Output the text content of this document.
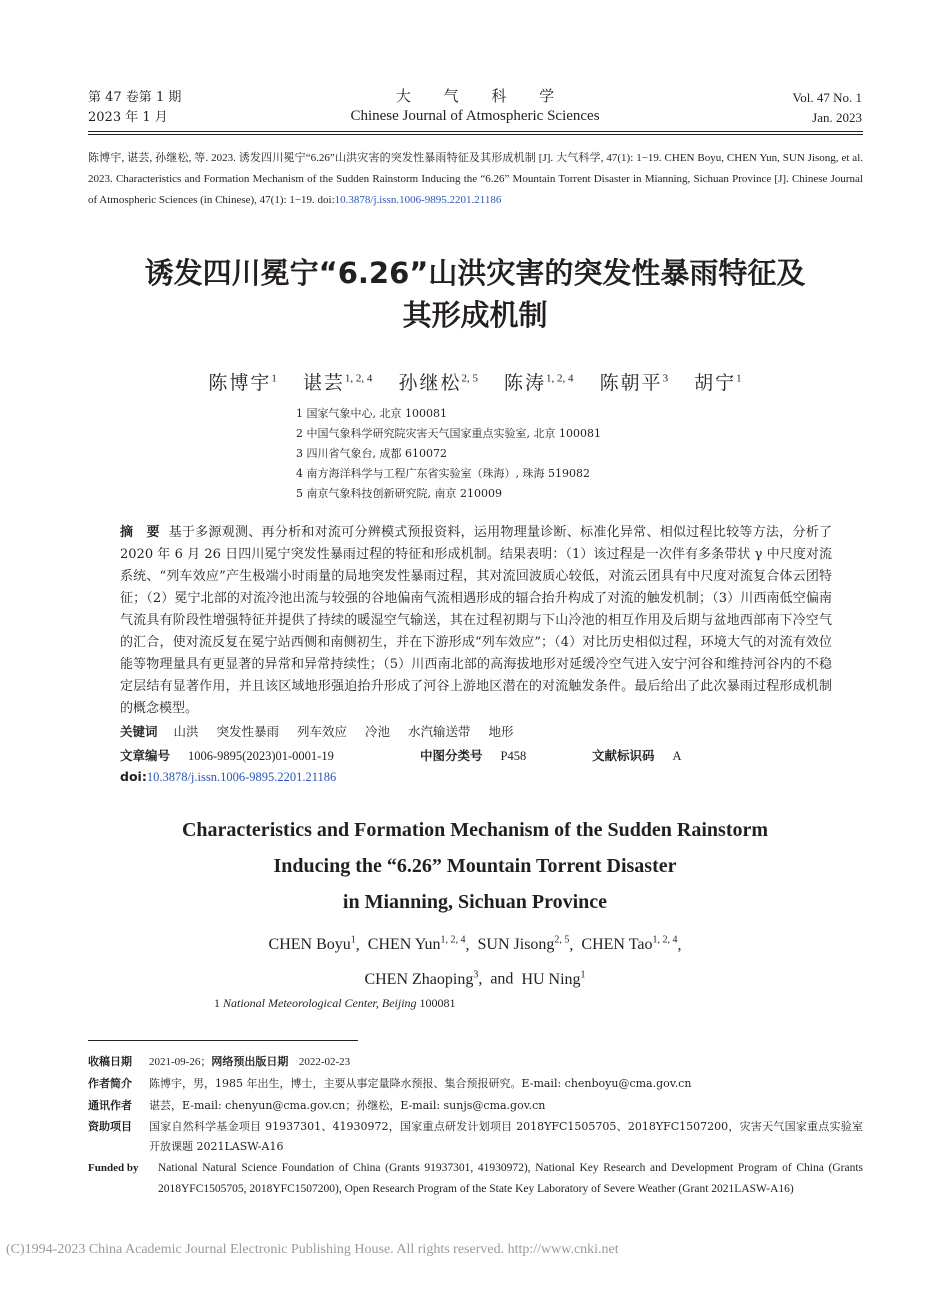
第 47 卷第 1 期
2023 年 1 月
大 气 科 学
Chinese Journal of Atmospheric Sciences
Vol. 47 No. 1
Jan. 2023
陈博宇, 谌芸, 孙继松, 等. 2023. 诱发四川冕宁“6.26”山洪灾害的突发性暴雨特征及其形成机制 [J]. 大气科学, 47(1): 1−19. CHEN Boyu, CHEN Yun, SUN Jisong, et al. 2023. Characteristics and Formation Mechanism of the Sudden Rainstorm Inducing the “6.26” Mountain Torrent Disaster in Mianning, Sichuan Province [J]. Chinese Journal of Atmospheric Sciences (in Chinese), 47(1): 1−19. doi:10.3878/j.issn.1006-9895.2201.21186
诱发四川冕宁“6.26”山洪灾害的突发性暴雨特征及
其形成机制
陈博宇$^1$ 谌芸$^{1, 2, 4}$ 孙继松$^{2, 5}$ 陈涛$^{1, 2, 4}$ 陈朝平$^3$ 胡宁$^1$
1 国家气象中心, 北京 100081
2 中国气象科学研究院灾害天气国家重点实验室, 北京 100081
3 四川省气象台, 成都 610072
4 南方海洋科学与工程广东省实验室（珠海）, 珠海 519082
5 南京气象科技创新研究院, 南京 210009
摘　要 基于多源观测、再分析和对流可分辨模式预报资料，运用物理量诊断、标准化异常、相似过程比较等方法，分析了 2020 年 6 月 26 日四川冕宁突发性暴雨过程的特征和形成机制。结果表明：（1）该过程是一次伴有多条带状 γ 中尺度对流系统、“列车效应”产生极端小时雨量的局地突发性暴雨过程，其对流回波质心较低，对流云团具有中尺度对流复合体云团特征；（2）冕宁北部的对流冷池出流与较强的谷地偏南气流相遇形成的辐合抬升构成了对流的触发机制；（3）川西南低空偏南气流具有阶段性增强特征并提供了持续的暖湿空气输送，其在过程初期与下山冷池的相互作用及后期与盆地西部南下冷空气的汇合，使对流反复在冕宁站西侧和南侧初生，并在下游形成“列车效应”；（4）对比历史相似过程，环境大气的对流有效位能等物理量具有更显著的异常和异常持续性；（5）川西南北部的高海拔地形对延缓冷空气进入安宁河谷和维持河谷内的不稳定层结有显著作用，并且该区域地形强迫抬升形成了河谷上游地区潜在的对流触发条件。最后给出了此次暴雨过程形成机制的概念模型。
关键词 山洪 突发性暴雨 列车效应 冷池 水汽输送带 地形
文章编号 1006-9895(2023)01-0001-19	中图分类号 P458	文献标识码 A
doi:10.3878/j.issn.1006-9895.2201.21186
Characteristics and Formation Mechanism of the Sudden Rainstorm
Inducing the “6.26” Mountain Torrent Disaster
in Mianning, Sichuan Province
CHEN Boyu$^1$,  CHEN Yun$^{1, 2, 4}$,  SUN Jisong$^{2, 5}$,  CHEN Tao$^{1, 2, 4}$,
CHEN Zhaoping$^3$,  and  HU Ning$^1$
1 National Meteorological Center, Beijing 100081
收稿日期 2021-09-26；网络预出版日期 2022-02-23
作者简介 陈博宇，男，1985 年出生，博士，主要从事定量降水预报、集合预报研究。E-mail: chenboyu@cma.gov.cn
通讯作者 谌芸，E-mail: chenyun@cma.gov.cn；孙继松，E-mail: sunjs@cma.gov.cn
资助项目 国家自然科学基金项目 91937301、41930972，国家重点研发计划项目 2018YFC1505705、2018YFC1507200，灾害天气国家重点实验室开放课题 2021LASW-A16
Funded by National Natural Science Foundation of China (Grants 91937301, 41930972), National Key Research and Development Program of China (Grants 2018YFC1505705, 2018YFC1507200), Open Research Program of the State Key Laboratory of Severe Weather (Grant 2021LASW-A16)
(C)1994-2023 China Academic Journal Electronic Publishing House. All rights reserved. http://www.cnki.net
